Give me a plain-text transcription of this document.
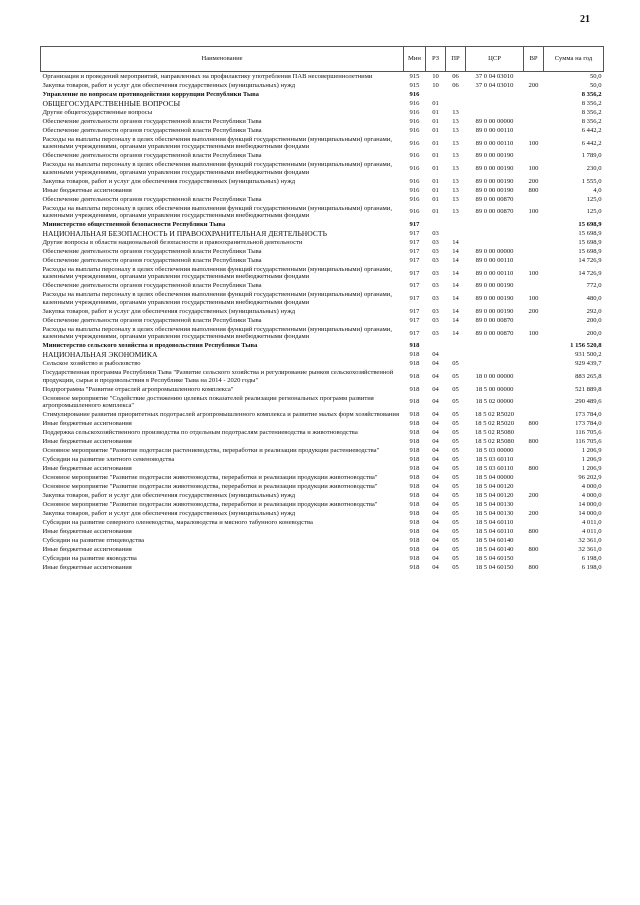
21
Наименование	Мин	РЗ	ПР	ЦСР	ВР	Сумма на год
Организация и проведений мероприятий, направленных на профилактику употребления ПАВ несовершеннолетними	915	10	06	37 0 04 03010		50,0
Закупка товаров, работ и услуг для обеспечения государственных (муниципальных) нужд	915	10	06	37 0 04 03010	200	50,0
Управление по вопросам противодействия коррупции Республики Тыва	916					8 356,2
ОБЩЕГОСУДАРСТВЕННЫЕ ВОПРОСЫ	916	01				8 356,2
Другие общегосударственные вопросы	916	01	13			8 356,2
Обеспечение деятельности органов государственной власти Республики Тыва	916	01	13	89 0 00 00000		8 356,2
Обеспечение деятельности органов государственной власти Республики Тыва	916	01	13	89 0 00 00110		6 442,2
Расходы на выплаты персоналу в целях обеспечения выполнения функций государственными (муниципальными) органами, казенными учреждениями, органами управления государственными внебюджетными фондами	916	01	13	89 0 00 00110	100	6 442,2
Обеспечение деятельности органов государственной власти Республики Тыва	916	01	13	89 0 00 00190		1 789,0
Расходы на выплаты персоналу в целях обеспечения выполнения функций государственными (муниципальными) органами, казенными учреждениями, органами управления государственными внебюджетными фондами	916	01	13	89 0 00 00190	100	230,0
Закупка товаров, работ и услуг для обеспечения государственных (муниципальных) нужд	916	01	13	89 0 00 00190	200	1 555,0
Иные бюджетные ассигнования	916	01	13	89 0 00 00190	800	4,0
Обеспечение деятельности органов государственной власти Республики Тыва	916	01	13	89 0 00 00870		125,0
Расходы на выплаты персоналу в целях обеспечения выполнения функций государственными (муниципальными) органами, казенными учреждениями, органами управления государственными внебюджетными фондами	916	01	13	89 0 00 00870	100	125,0
Министерство общественной безопасности Республики Тыва	917					15 698,9
НАЦИОНАЛЬНАЯ БЕЗОПАСНОСТЬ И ПРАВООХРАНИТЕЛЬНАЯ ДЕЯТЕЛЬНОСТЬ	917	03				15 698,9
Другие вопросы в области национальной безопасности и правоохранительной деятельности	917	03	14			15 698,9
Обеспечение деятельности органов государственной власти Республики Тыва	917	03	14	89 0 00 00000		15 698,9
Обеспечение деятельности органов государственной власти Республики Тыва	917	03	14	89 0 00 00110		14 726,9
Расходы на выплаты персоналу в целях обеспечения выполнения функций государственными (муниципальными) органами, казенными учреждениями, органами управления государственными внебюджетными фондами	917	03	14	89 0 00 00110	100	14 726,9
Обеспечение деятельности органов государственной власти Республики Тыва	917	03	14	89 0 00 00190		772,0
Расходы на выплаты персоналу в целях обеспечения выполнения функций государственными (муниципальными) органами, казенными учреждениями, органами управления государственными внебюджетными фондами	917	03	14	89 0 00 00190	100	480,0
Закупка товаров, работ и услуг для обеспечения государственных (муниципальных) нужд	917	03	14	89 0 00 00190	200	292,0
Обеспечение деятельности органов государственной власти Республики Тыва	917	03	14	89 0 00 00870		200,0
Расходы на выплаты персоналу в целях обеспечения выполнения функций государственными (муниципальными) органами, казенными учреждениями, органами управления государственными внебюджетными фондами	917	03	14	89 0 00 00870	100	200,0
Министерство сельского хозяйства и продовольствия Республики Тыва	918					1 156 520,8
НАЦИОНАЛЬНАЯ ЭКОНОМИКА	918	04				931 500,2
Сельское хозяйство и рыболовство	918	04	05			929 439,7
Государственная программа Республики Тыва "Развитие сельского хозяйства и регулирование рынков сельскохозяйственной продукции, сырья и продовольствия в Республике Тыва на 2014 - 2020 годы"	918	04	05	18 0 00 00000		883 265,8
Подпрограмма "Развитие отраслей агропромышленного комплекса"	918	04	05	18 5 00 00000		521 889,8
Основное мероприятие "Содействие достижению целевых показателей реализации региональных программ развития агропромышленного комплекса"	918	04	05	18 5 02 00000		290 489,6
Стимулирование развития приоритетных подотраслей агропромышленного комплекса и развитие малых форм хозяйствования	918	04	05	18 5 02 R5020		173 784,0
Иные бюджетные ассигнования	918	04	05	18 5 02 R5020	800	173 784,0
Поддержка сельскохозяйственного производства по отдельным подотраслям растениеводства и животноводства	918	04	05	18 5 02 R5080		116 705,6
Иные бюджетные ассигнования	918	04	05	18 5 02 R5080	800	116 705,6
Основное мероприятие "Развитие подотрасли растениеводства, переработки и реализации продукции растениеводства"	918	04	05	18 5 03 00000		1 206,9
Субсидии на развитие элитного семеноводства	918	04	05	18 5 03 60110		1 206,9
Иные бюджетные ассигнования	918	04	05	18 5 03 60110	800	1 206,9
Основное мероприятие "Развитие подотрасли животноводства, переработки и реализации продукции животноводства"	918	04	05	18 5 04 00000		96 202,9
Основное мероприятие "Развитие подотрасли животноводства, переработки и реализации продукции животноводства"	918	04	05	18 5 04 00120		4 000,0
Закупка товаров, работ и услуг для обеспечения государственных (муниципальных) нужд	918	04	05	18 5 04 00120	200	4 000,0
Основное мероприятие "Развитие подотрасли животноводства, переработки и реализации продукции животноводства"	918	04	05	18 5 04 00130		14 000,0
Закупка товаров, работ и услуг для обеспечения государственных (муниципальных) нужд	918	04	05	18 5 04 00130	200	14 000,0
Субсидии на развитие северного оленеводства, мараловодства и мясного табунного коневодства	918	04	05	18 5 04 60110		4 011,0
Иные бюджетные ассигнования	918	04	05	18 5 04 60110	800	4 011,0
Субсидии на развитие птицеводства	918	04	05	18 5 04 60140		32 361,0
Иные бюджетные ассигнования	918	04	05	18 5 04 60140	800	32 361,0
Субсидии на развитие яководства	918	04	05	18 5 04 60150		6 198,0
Иные бюджетные ассигнования	918	04	05	18 5 04 60150	800	6 198,0
